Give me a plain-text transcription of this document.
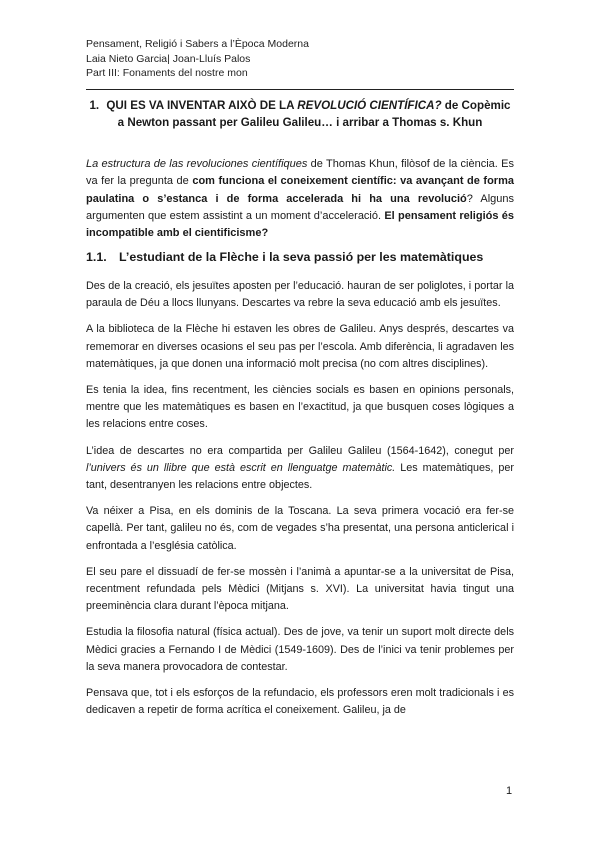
Pensament, Religió i Sabers a l’Època Moderna
Laia Nieto Garcia| Joan-Lluís Palos
Part III: Fonaments del nostre mon
1. QUI ES VA INVENTAR AIXÒ DE LA REVOLUCIÓ CIENTÍFICA? de Copèmic a Newton passant per Galileu Galileu… i arribar a Thomas s. Khun
La estructura de las revoluciones científiques de Thomas Khun, filòsof de la ciència. Es va fer la pregunta de com funciona el coneixement científic: va avançant de forma paulatina o s’estanca i de forma accelerada hi ha una revolució? Alguns argumenten que estem assistint a un moment d’acceleració. El pensament religiós és incompatible amb el cientificisme?
1.1. L’estudiant de la Flèche i la seva passió per les matemàtiques

Des de la creació, els jesuïtes aposten per l’educació. hauran de ser poliglotes, i portar la paraula de Déu a llocs llunyans. Descartes va rebre la seva educació amb els jesuïtes.

A la biblioteca de la Flèche hi estaven les obres de Galileu. Anys després, descartes va rememorar en diverses ocasions el seu pas per l’escola. Amb diferència, li agradaven les matemàtiques, ja que donen una informació molt precisa (no com altres disciplines).

Es tenia la idea, fins recentment, les ciències socials es basen en opinions personals, mentre que les matemàtiques es basen en l’exactitud, ja que busquen coses lògiques a les relacions entre coses.

L’idea de descartes no era compartida per Galileu Galileu (1564-1642), conegut per l’univers és un llibre que està escrit en llenguatge matemàtic. Les matemàtiques, per tant, desentranyen les relacions entre objectes.

Va néixer a Pisa, en els dominis de la Toscana. La seva primera vocació era fer-se capellà. Per tant, galileu no és, com de vegades s’ha presentat, una persona anticlerical i enfrontada a l’església catòlica.

El seu pare el dissuadí de fer-se mossèn i l’animà a apuntar-se a la universitat de Pisa, recentment refundada pels Mèdici (Mitjans s. XVI). La universitat havia tingut una preeminència clara durant l’època mitjana.

Estudia la filosofia natural (física actual). Des de jove, va tenir un suport molt directe dels Mèdici gracies a Fernando I de Mèdici (1549-1609). Des de l’inici va tenir problemes per la seva manera provocadora de contestar.

Pensava que, tot i els esforços de la refundacio, els professors eren molt tradicionals i es dedicaven a repetir de forma acrítica el coneixement. Galileu, ja de

1
